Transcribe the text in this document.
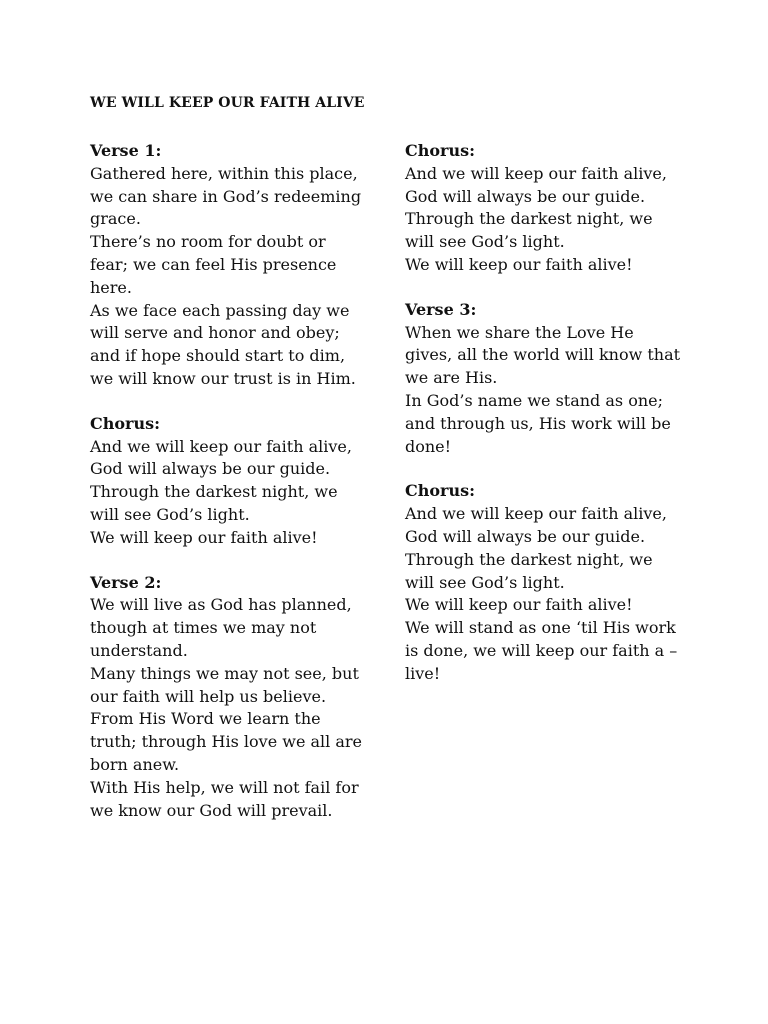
WE WILL KEEP OUR FAITH ALIVE

Verse 1:

Gathered here, within this place,
we can share in God’s redeeming
grace.
There’s no room for doubt or
fear; we can feel His presence
here.
As we face each passing day we
will serve and honor and obey;
and if hope should start to dim,
we will know our trust is in Him.

Chorus:

And we will keep our faith alive,
God will always be our guide.
Through the darkest night, we
will see God’s light.
We will keep our faith alive!

Verse 2:

We will live as God has planned,
though at times we may not
understand.
Many things we may not see, but
our faith will help us believe.
From His Word we learn the
truth; through His love we all are
born anew.
With His help, we will not fail for
we know our God will prevail.

Chorus:

And we will keep our faith alive,
God will always be our guide.
Through the darkest night, we
will see God’s light.
We will keep our faith alive!

Verse 3:

When we share the Love He
gives, all the world will know that
we are His.
In God’s name we stand as one;
and through us, His work will be
done!

Chorus:

And we will keep our faith alive,
God will always be our guide.
Through the darkest night, we
will see God’s light.
We will keep our faith alive!
We will stand as one ‘til His work
is done, we will keep our faith a –
live!
